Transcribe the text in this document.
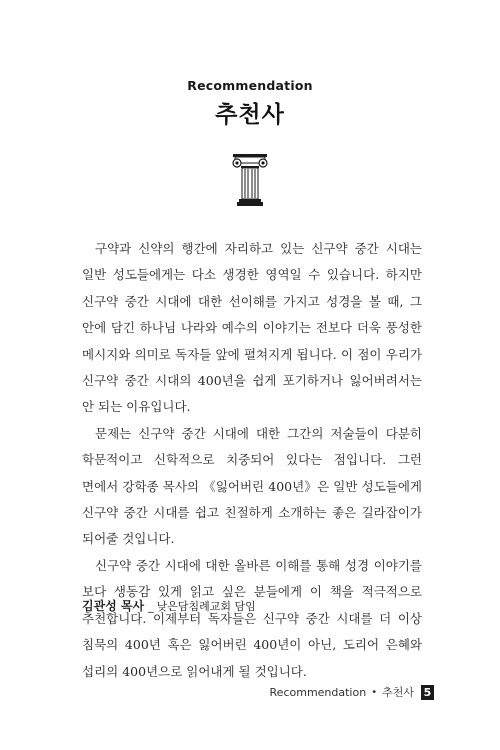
Recommendation
추천사

구약과 신약의 행간에 자리하고 있는 신구약 중간 시대는 일반 성도들에게는 다소 생경한 영역일 수 있습니다. 하지만 신구약 중간 시대에 대한 선이해를 가지고 성경을 볼 때, 그 안에 담긴 하나님 나라와 예수의 이야기는 전보다 더욱 풍성한 메시지와 의미로 독자들 앞에 펼쳐지게 됩니다. 이 점이 우리가 신구약 중간 시대의 400년을 쉽게 포기하거나 잃어버려서는 안 되는 이유입니다.

문제는 신구약 중간 시대에 대한 그간의 저술들이 다분히 학문적이고 신학적으로 치중되어 있다는 점입니다. 그런 면에서 강학종 목사의 《잃어버린 400년》은 일반 성도들에게 신구약 중간 시대를 쉽고 친절하게 소개하는 좋은 길라잡이가 되어줄 것입니다.

신구약 중간 시대에 대한 올바른 이해를 통해 성경 이야기를 보다 생동감 있게 읽고 싶은 분들에게 이 책을 적극적으로 추천합니다. 이제부터 독자들은 신구약 중간 시대를 더 이상 침묵의 400년 혹은 잃어버린 400년이 아닌, 도리어 은혜와 섭리의 400년으로 읽어내게 될 것입니다.

김관성 목사 _ 낮은담침례교회 담임
Recommendation • 추천사 5
